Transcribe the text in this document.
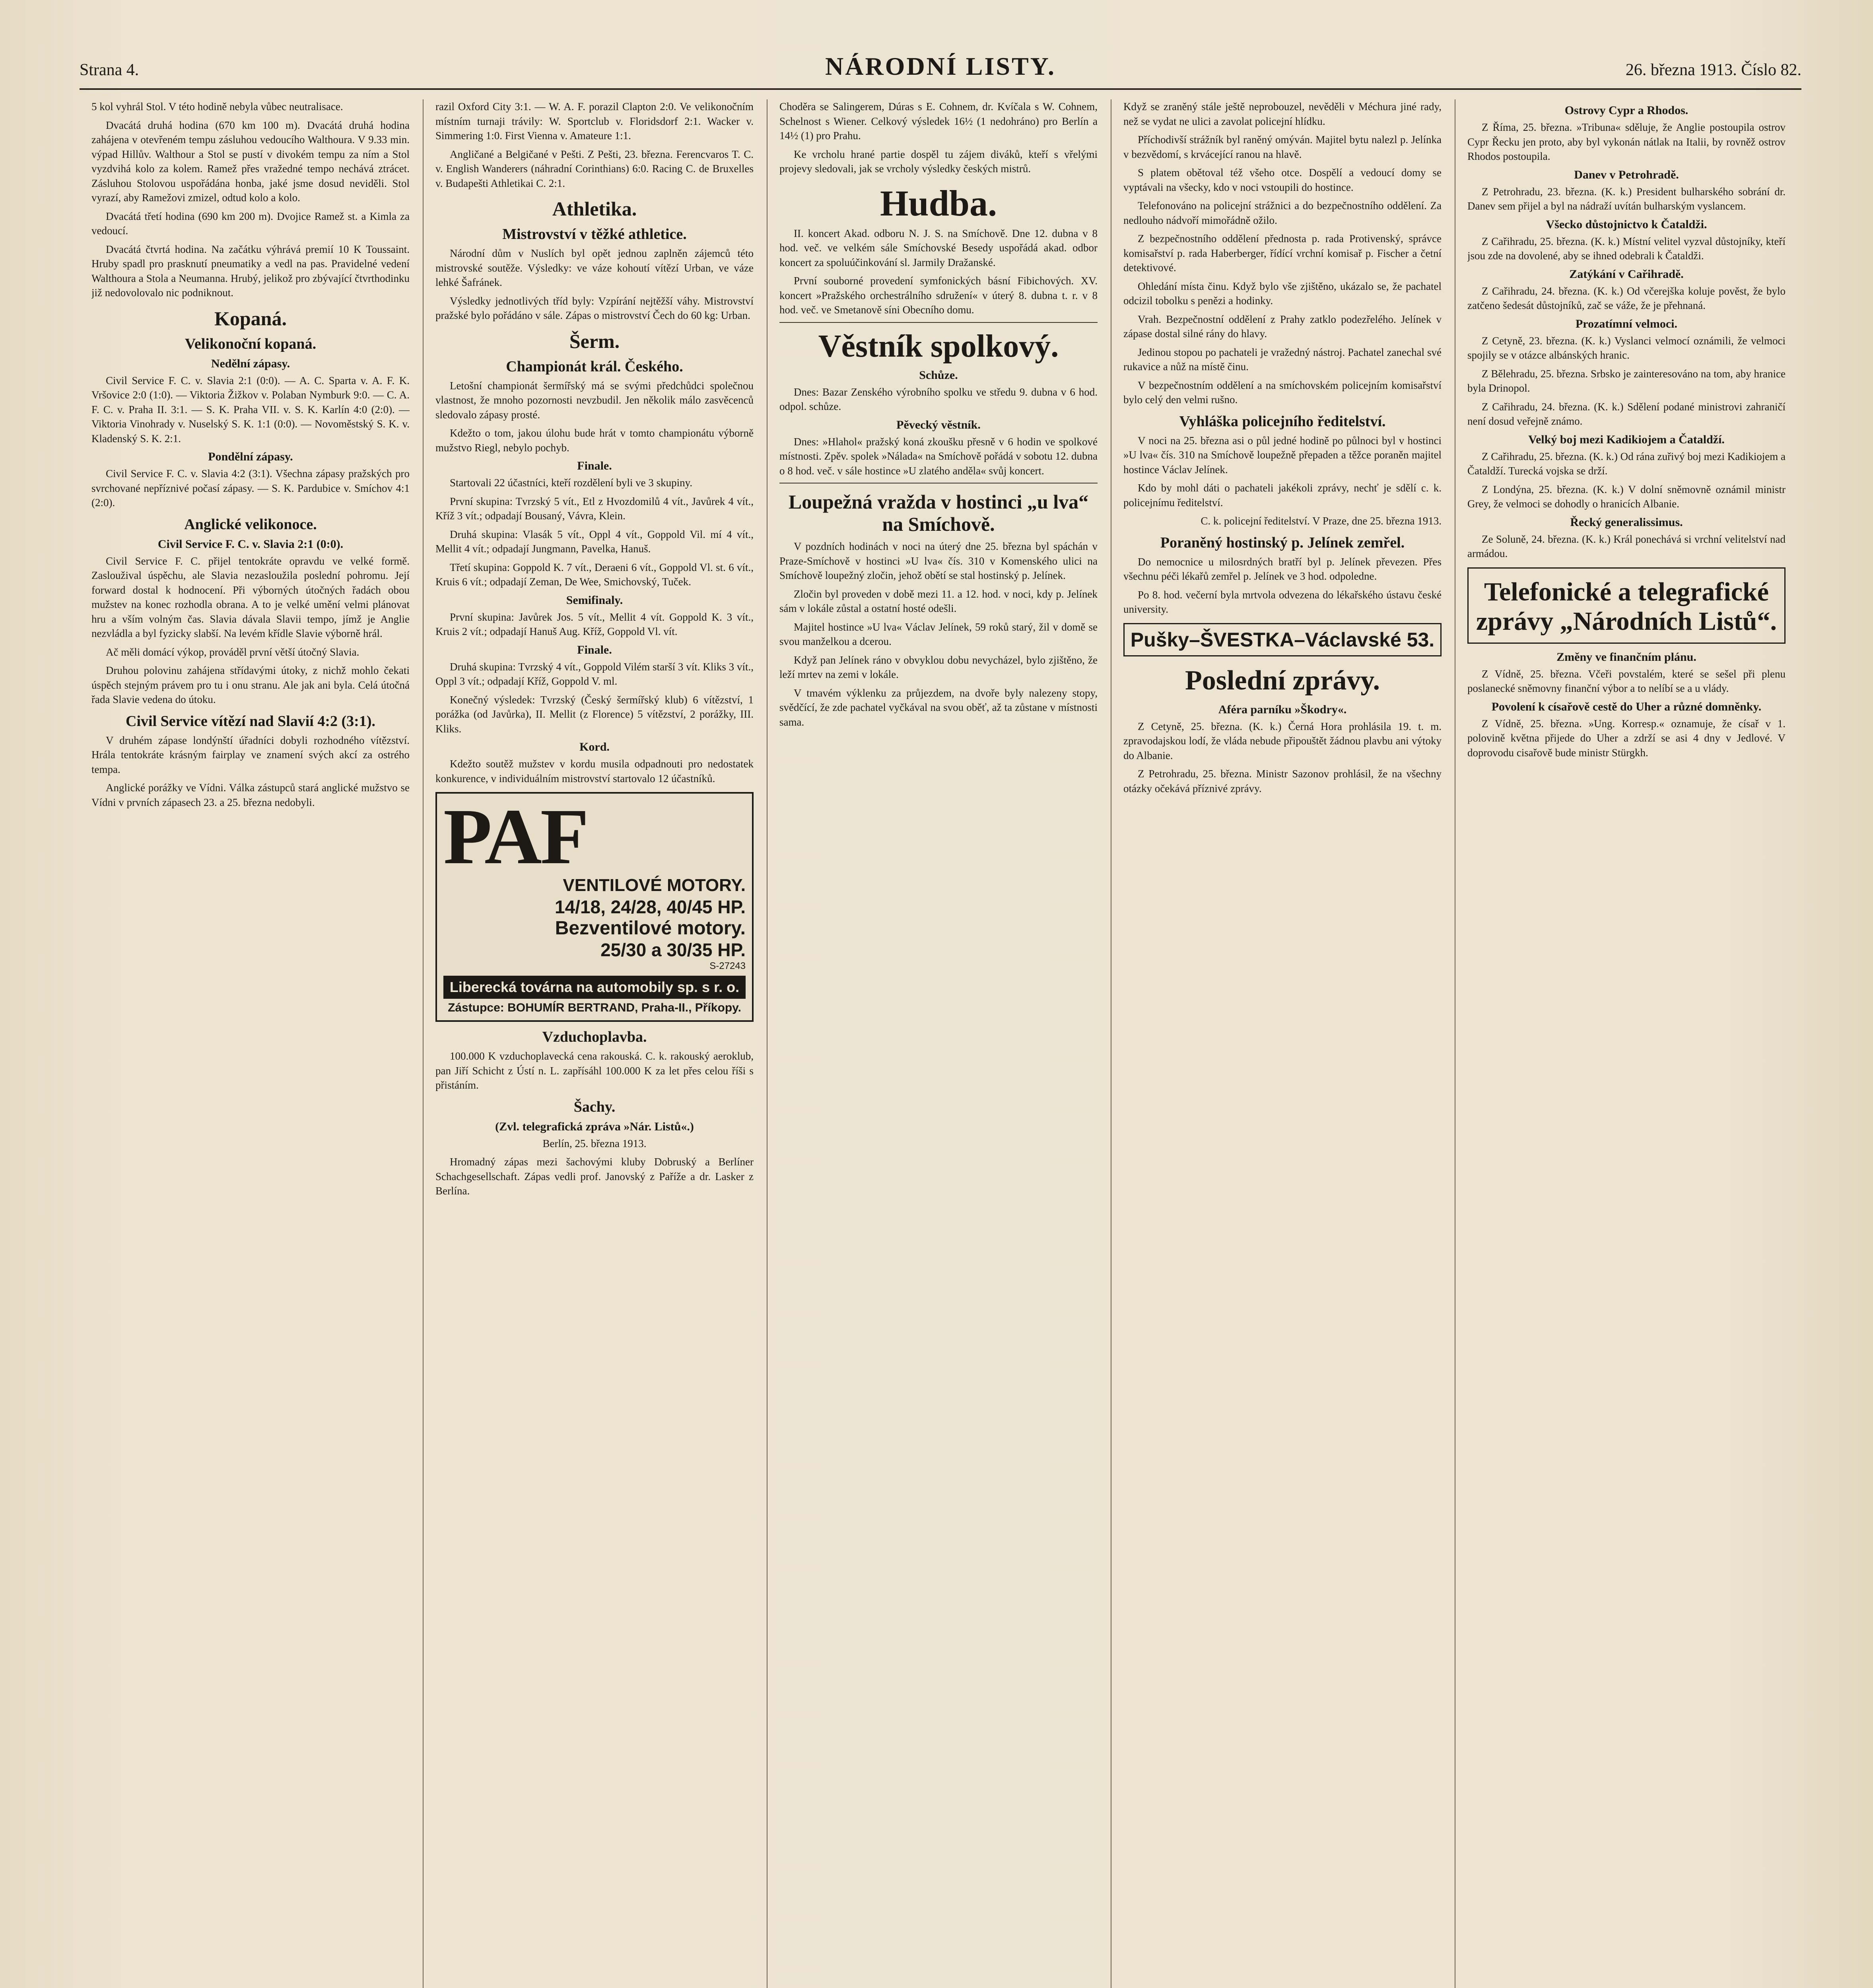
Strana 4.	NÁRODNÍ LISTY.	26. března 1913. Číslo 82.

5 kol vyhrál Stol. V této hodině nebyla vůbec neutralisace.

Dvacátá druhá hodina (670 km 100 m). Dvacátá druhá hodina zahájena v otevřeném tempu zásluhou vedoucího Walthoura. V 9.33 min. výpad Hillův. Walthour a Stol se pustí v divokém tempu za ním a Stol vyzdvihá kolo za kolem. Ramež přes vražedné tempo nechává ztrácet. Zásluhou Stolovou uspořádána honba, jaké jsme dosud neviděli. Stol vyrazí, aby Ramežovi zmizel, odtud kolo a kolo.

Dvacátá třetí hodina (690 km 200 m). Dvojice Ramež st. a Kimla za vedoucí.

Dvacátá čtvrtá hodina. Na začátku výhrává premií 10 K Toussaint. Hruby spadl pro prasknutí pneumatiky a vedl na pas. Pravidelné vedení Walthoura a Stola a Neumanna. Hrubý, jelikož pro zbývající čtvrthodinku již nedovolovalo nic podniknout.

Kopaná.
Velikonoční kopaná.
Nedělní zápasy.

Civil Service F. C. v. Slavia 2:1 (0:0). — A. C. Sparta v. A. F. K. Vršovice 2:0 (1:0). — Viktoria Žižkov v. Polaban Nymburk 9:0. — C. A. F. C. v. Praha II. 3:1. — S. K. Praha VII. v. S. K. Karlín 4:0 (2:0). — Viktoria Vinohrady v. Nuselský S. K. 1:1 (0:0). — Novoměstský S. K. v. Kladenský S. K. 2:1.

Pondělní zápasy.

Civil Service F. C. v. Slavia 4:2 (3:1). Všechna zápasy pražských pro svrchované nepříznivé počasí zápasy. — S. K. Pardubice v. Smíchov 4:1 (2:0).

Anglické velikonoce.
Civil Service F. C. v. Slavia 2:1 (0:0).

Civil Service F. C. přijel tentokráte opravdu ve velké formě. Zasloužival úspěchu, ale Slavia nezasloužila poslední pohromu. Její forward dostal k hodnocení. Při výborných útočných řadách obou mužstev na konec rozhodla obrana. A to je velké umění velmi plánovat hru a vším volným čas. Slavia dávala Slavii tempo, jímž je Anglie nezvládla a byl fyzicky slabší. Na levém křídle Slavie výborně hrál.

Ač měli domácí výkop, prováděl první větší útočný Slavia.

Druhou polovinu zahájena střídavými útoky, z nichž mohlo čekati úspěch stejným právem pro tu i onu stranu. Ale jak ani byla. Celá útočná řada Slavie vedena do útoku.

Civil Service vítězí nad Slavií 4:2 (3:1).

V druhém zápase londýnští úřadníci dobyli rozhodného vítězství. Hrála tentokráte krásným fairplay ve znamení svých akcí za ostrého tempa.

Anglické porážky ve Vídni. Válka zástupců stará anglické mužstvo se Vídni v prvních zápasech 23. a 25. března nedobyli.

razil Oxford City 3:1. — W. A. F. porazil Clapton 2:0. Ve velikonočním místním turnaji trávily: W. Sportclub v. Floridsdorf 2:1. Wacker v. Simmering 1:0. First Vienna v. Amateure 1:1.

Angličané a Belgičané v Pešti. Z Pešti, 23. března. Ferencvaros T. C. v. English Wanderers (náhradní Corinthians) 6:0. Racing C. de Bruxelles v. Budapešti Athletikai C. 2:1.

Athletika.
Mistrovství v těžké athletice.

Národní dům v Nuslích byl opět jednou zaplněn zájemců této mistrovské soutěže. Výsledky: ve váze kohoutí vítězí Urban, ve váze lehké Šafránek.

Výsledky jednotlivých tříd byly: Vzpírání nejtěžší váhy. Mistrovství pražské bylo pořádáno v sále. Zápas o mistrovství Čech do 60 kg: Urban.

Šerm.
Championát král. Českého.

Letošní championát šermířský má se svými předchůdci společnou vlastnost, že mnoho pozornosti nevzbudil. Jen několik málo zasvěcenců sledovalo zápasy prosté.

Kdežto o tom, jakou úlohu bude hrát v tomto championátu výborně mužstvo Riegl, nebylo pochyb.

Finale.

Startovali 22 účastníci, kteří rozdělení byli ve 3 skupiny.

První skupina: Tvrzský 5 vít., Etl z Hvozdomilů 4 vít., Javůrek 4 vít., Kříž 3 vít.; odpadají Bousaný, Vávra, Klein.

Druhá skupina: Vlasák 5 vít., Oppl 4 vít., Goppold Vil. mí 4 vít., Mellit 4 vít.; odpadají Jungmann, Pavelka, Hanuš.

Třetí skupina: Goppold K. 7 vít., Deraeni 6 vít., Goppold Vl. st. 6 vít., Kruis 6 vít.; odpadají Zeman, De Wee, Smichovský, Tuček.

Semifinaly.

První skupina: Javůrek Jos. 5 vít., Mellit 4 vít. Goppold K. 3 vít., Kruis 2 vít.; odpadají Hanuš Aug. Kříž, Goppold Vl. vít.

Finale.

Druhá skupina: Tvrzský 4 vít., Goppold Vilém starší 3 vít. Kliks 3 vít., Oppl 3 vít.; odpadají Kříž, Goppold V. ml.

Konečný výsledek: Tvrzský (Český šermířský klub) 6 vítězství, 1 porážka (od Javůrka), II. Mellit (z Florence) 5 vítězství, 2 porážky, III. Kliks.

Kord.

Kdežto soutěž mužstev v kordu musila odpadnouti pro nedostatek konkurence, v individuálním mistrovství startovalo 12 účastníků.

PAF
VENTILOVÉ MOTORY.
14/18, 24/28, 40/45 HP.
Bezventilové motory.
25/30 a 30/35 HP.
S-27243
Liberecká továrna na automobily sp. s r. o.
Zástupce: BOHUMÍR BERTRAND, Praha-II., Příkopy.
Vzduchoplavba.

100.000 K vzduchoplavecká cena rakouská. C. k. rakouský aeroklub, pan Jiří Schicht z Ústí n. L. zapřísáhl 100.000 K za let přes celou říši s přistáním.

Šachy.
(Zvl. telegrafická zpráva »Nár. Listů«.)

Berlín, 25. března 1913.

Hromadný zápas mezi šachovými kluby Dobruský a Berlíner Schachgesellschaft. Zápas vedli prof. Janovský z Paříže a dr. Lasker z Berlína.

Choděra se Salingerem, Dúras s E. Cohnem, dr. Kvíčala s W. Cohnem, Schelnost s Wiener. Celkový výsledek 16½ (1 nedohráno) pro Berlín a 14½ (1) pro Prahu.

Ke vrcholu hrané partie dospěl tu zájem diváků, kteří s vřelými projevy sledovali, jak se vrcholy výsledky českých mistrů.

Hudba.

II. koncert Akad. odboru N. J. S. na Smíchově. Dne 12. dubna v 8 hod. več. ve velkém sále Smíchovské Besedy uspořádá akad. odbor koncert za spoluúčinkování sl. Jarmily Dražanské.

První souborné provedení symfonických básní Fibichových. XV. koncert »Pražského orchestrálního sdružení« v úterý 8. dubna t. r. v 8 hod. več. ve Smetanově síni Obecního domu.

Věstník spolkový.
Schůze.

Dnes: Bazar Zenského výrobního spolku ve středu 9. dubna v 6 hod. odpol. schůze.

Pěvecký věstník.

Dnes: »Hlahol« pražský koná zkoušku přesně v 6 hodin ve spolkové místnosti. Zpěv. spolek »Nálada« na Smíchově pořádá v sobotu 12. dubna o 8 hod. več. v sále hostince »U zlatého anděla« svůj koncert.

Loupežná vražda v hostinci „u lva“ na Smíchově.

V pozdních hodinách v noci na úterý dne 25. března byl spáchán v Praze-Smíchově v hostinci »U lva« čís. 310 v Komenského ulici na Smíchově loupežný zločin, jehož obětí se stal hostinský p. Jelínek.

Zločin byl proveden v době mezi 11. a 12. hod. v noci, kdy p. Jelínek sám v lokále zůstal a ostatní hosté odešli.

Majitel hostince »U lva« Václav Jelínek, 59 roků starý, žil v domě se svou manželkou a dcerou.

Když pan Jelínek ráno v obvyklou dobu nevycházel, bylo zjištěno, že leží mrtev na zemi v lokále.

V tmavém výklenku za průjezdem, na dvoře byly nalezeny stopy, svědčící, že zde pachatel vyčkával na svou oběť, až ta zůstane v místnosti sama.

Když se zraněný stále ještě neprobouzel, nevěděli v Méchura jiné rady, než se vydat ne ulici a zavolat policejní hlídku.

Příchodivší strážník byl raněný omýván. Majitel bytu nalezl p. Jelínka v bezvědomí, s krvácející ranou na hlavě.

S platem obětoval též všeho otce. Dospělí a vedoucí domy se vyptávali na všecky, kdo v noci vstoupili do hostince.

Telefonováno na policejní strážnici a do bezpečnostního oddělení. Za nedlouho nádvoří mimořádně ožilo.

Z bezpečnostního oddělení přednosta p. rada Protivenský, správce komisařství p. rada Haberberger, řídící vrchní komisař p. Fischer a četní detektivové.

Ohledání místa činu. Když bylo vše zjištěno, ukázalo se, že pachatel odcizil tobolku s penězi a hodinky.

Vrah. Bezpečnostní oddělení z Prahy zatklo podezřelého. Jelínek v zápase dostal silné rány do hlavy.

Jedinou stopou po pachateli je vražedný nástroj. Pachatel zanechal své rukavice a nůž na místě činu.

V bezpečnostním oddělení a na smíchovském policejním komisařství bylo celý den velmi rušno.

Vyhláška policejního ředitelství.

V noci na 25. března asi o půl jedné hodině po půlnoci byl v hostinci »U lva« čís. 310 na Smíchově loupežně přepaden a těžce poraněn majitel hostince Václav Jelínek.

Kdo by mohl dáti o pachateli jakékoli zprávy, nechť je sdělí c. k. policejnímu ředitelství.

C. k. policejní ředitelství. V Praze, dne 25. března 1913.

Poraněný hostinský p. Jelínek zemřel.

Do nemocnice u milosrdných bratří byl p. Jelínek převezen. Přes všechnu péči lékařů zemřel p. Jelínek ve 3 hod. odpoledne.

Po 8. hod. večerní byla mrtvola odvezena do lékařského ústavu české university.

Pušky–ŠVESTKA–Václavské 53.
Poslední zprávy.
Aféra parníku »Škodry«.

Z Cetyně, 25. března. (K. k.) Černá Hora prohlásila 19. t. m. zpravodajskou lodí, že vláda nebude připouštět žádnou plavbu ani výtoky do Albanie.

Z Petrohradu, 25. března. Ministr Sazonov prohlásil, že na všechny otázky očekává příznivé zprávy.

Ostrovy Cypr a Rhodos.

Z Říma, 25. března. »Tribuna« sděluje, že Anglie postoupila ostrov Cypr Řecku jen proto, aby byl vykonán nátlak na Italii, by rovněž ostrov Rhodos postoupila.

Danev v Petrohradě.

Z Petrohradu, 23. března. (K. k.) President bulharského sobrání dr. Danev sem přijel a byl na nádraží uvítán bulharským vyslancem.

Všecko důstojnictvo k Čataldži.

Z Cařihradu, 25. března. (K. k.) Místní velitel vyzval důstojníky, kteří jsou zde na dovolené, aby se ihned odebrali k Čataldži.

Zatýkání v Cařihradě.

Z Cařihradu, 24. března. (K. k.) Od včerejška koluje pověst, že bylo zatčeno šedesát důstojníků, zač se váže, že je přehnaná.

Prozatímní velmoci.

Z Cetyně, 23. března. (K. k.) Vyslanci velmocí oznámili, že velmoci spojily se v otázce albánských hranic.

Z Bělehradu, 25. března. Srbsko je zainteresováno na tom, aby hranice byla Drinopol.

Z Cařihradu, 24. března. (K. k.) Sdělení podané ministrovi zahraničí není dosud veřejně známo.

Velký boj mezi Kadikiojem a Čataldží.

Z Cařihradu, 25. března. (K. k.) Od rána zuřivý boj mezi Kadikiojem a Čataldží. Turecká vojska se drží.

Z Londýna, 25. března. (K. k.) V dolní sněmovně oznámil ministr Grey, že velmoci se dohodly o hranicích Albanie.

Řecký generalissimus.

Ze Soluně, 24. března. (K. k.) Král ponechává si vrchní velitelství nad armádou.

Telefonické a telegrafické zprávy „Národních Listů“.
Změny ve finančním plánu.

Z Vídně, 25. března. Včeři povstalém, které se sešel při plenu poslanecké sněmovny finanční výbor a to nelíbí se a u vlády.

Povolení k císařově cestě do Uher a různé domněnky.

Z Vídně, 25. března. »Ung. Korresp.« oznamuje, že císař v 1. polovině května přijede do Uher a zdrží se asi 4 dny v Jedlové. V doprovodu cisařově bude ministr Stürgkh.
